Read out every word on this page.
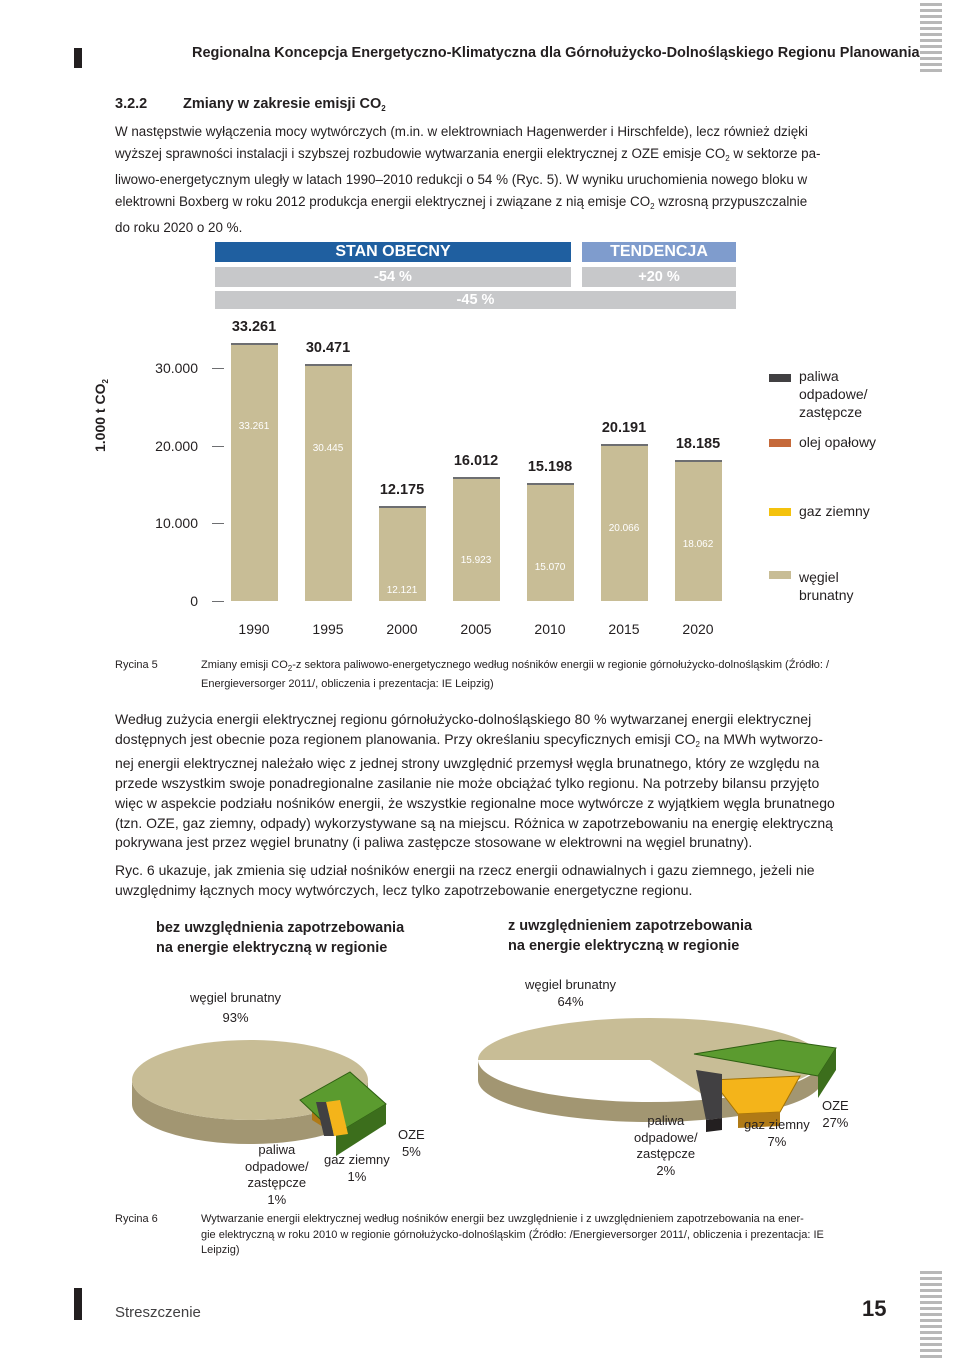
Regionalna Koncepcja Energetyczno-Klimatyczna dla Górnołużycko-Dolnośląskiego Regionu Planowania
3.2.2 Zmiany w zakresie emisji $CO_2$
W następstwie wyłączenia mocy wytwórczych (m.in. w elektrowniach Hagenwerder i Hirschfelde), lecz również dzięki
wyższej sprawności instalacji i szybszej rozbudowie wytwarzania energii elektrycznej z OZE emisje $CO_2$ w sektorze pa-
liwowo-energetycznym uległy w latach 1990–2010 redukcji o 54 % (Ryc. 5). W wyniku uruchomienia nowego bloku w
elektrowni Boxberg w roku 2012 produkcja energii elektrycznej i związane z nią emisje $CO_2$ wzrosną przypuszczalnie
do roku 2020 o 20 %.
STAN OBECNY	TENDENCJA
-54 %	+20 %
-45 %
1.000 t $CO_2$	paliwa
odpadowe/
zastępcze
olej opałowy
gaz ziemny
węgiel
brunatny
0
10.000
20.000
30.000
1990
33.261
33.261
1995
30.471
30.445
2000
12.175
12.121
2005
16.012
15.923
2010
15.198
15.070
2015
20.191
20.066
2020
18.185
18.062
Rycina 5	Zmiany emisji $CO_2-z$ sektora paliwowo-energetycznego według nośników energii w regionie górnołużycko-dolnośląskim (Źródło: /
Energieversorger 2011/, obliczenia i prezentacja: IE Leipzig)

Według zużycia energii elektrycznej regionu górnołużycko-dolnośląskiego 80 % wytwarzanej energii elektrycznej
dostępnych jest obecnie poza regionem planowania. Przy określaniu specyficznych emisji $CO_2$ na MWh wytworzo-
nej energii elektrycznej należało więc z jednej strony uwzględnić przemysł węgla brunatnego, który ze względu na
przede wszystkim swoje ponadregionalne zasilanie nie może obciążać tylko regionu. Na potrzeby bilansu przyjęto
więc w aspekcie podziału nośników energii, że wszystkie regionalne moce wytwórcze z wyjątkiem węgla brunatnego
(tzn. OZE, gaz ziemny, odpady) wykorzystywane są na miejscu. Różnica w zapotrzebowaniu na energię elektryczną
pokrywana jest przez węgiel brunatny (i paliwa zastępcze stosowane w elektrowni na węgiel brunatny).

Ryc. 6 ukazuje, jak zmienia się udział nośników energii na rzecz energii odnawialnych i gazu ziemnego, jeżeli nie
uwzględnimy łącznych mocy wytwórczych, lecz tylko zapotrzebowanie energetyczne regionu.

bez uwzględnienia zapotrzebowania
na energie elektryczną w regionie
z uwzględnieniem zapotrzebowania
na energie elektryczną w regionie
węgiel brunatny
93%
OZE
5%
gaz ziemny
1%
paliwa
odpadowe/
zastępcze
1%
węgiel brunatny
64%
OZE
27%
gaz ziemny
7%
paliwa
odpadowe/
zastępcze
2%
Rycina 6	Wytwarzanie energii elektrycznej według nośników energii bez uwzględnienie i z uwzględnieniem zapotrzebowania na ener-
gie elektryczną w roku 2010 w regionie górnołużycko-dolnośląskim (Źródło: /Energieversorger 2011/, obliczenia i prezentacja: IE
Leipzig)
Streszczenie	15
